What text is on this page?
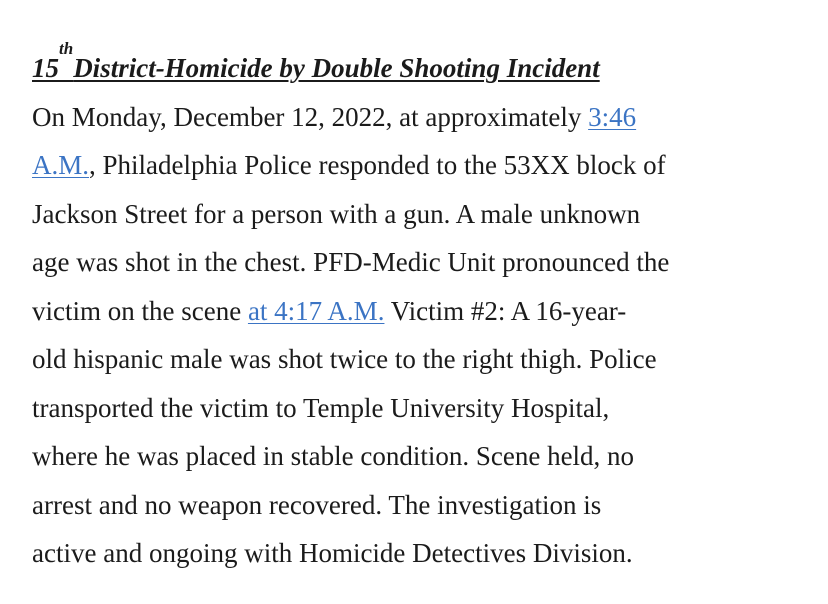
15thDistrict-Homicide by Double Shooting Incident
On Monday, December 12, 2022, at approximately 3:46
A.M., Philadelphia Police responded to the 53XX block of
Jackson Street for a person with a gun. A male unknown
age was shot in the chest. PFD-Medic Unit pronounced the
victim on the scene at 4:17 A.M. Victim #2: A 16-year-
old hispanic male was shot twice to the right thigh. Police
transported the victim to Temple University Hospital,
where he was placed in stable condition. Scene held, no
arrest and no weapon recovered. The investigation is
active and ongoing with Homicide Detectives Division.
